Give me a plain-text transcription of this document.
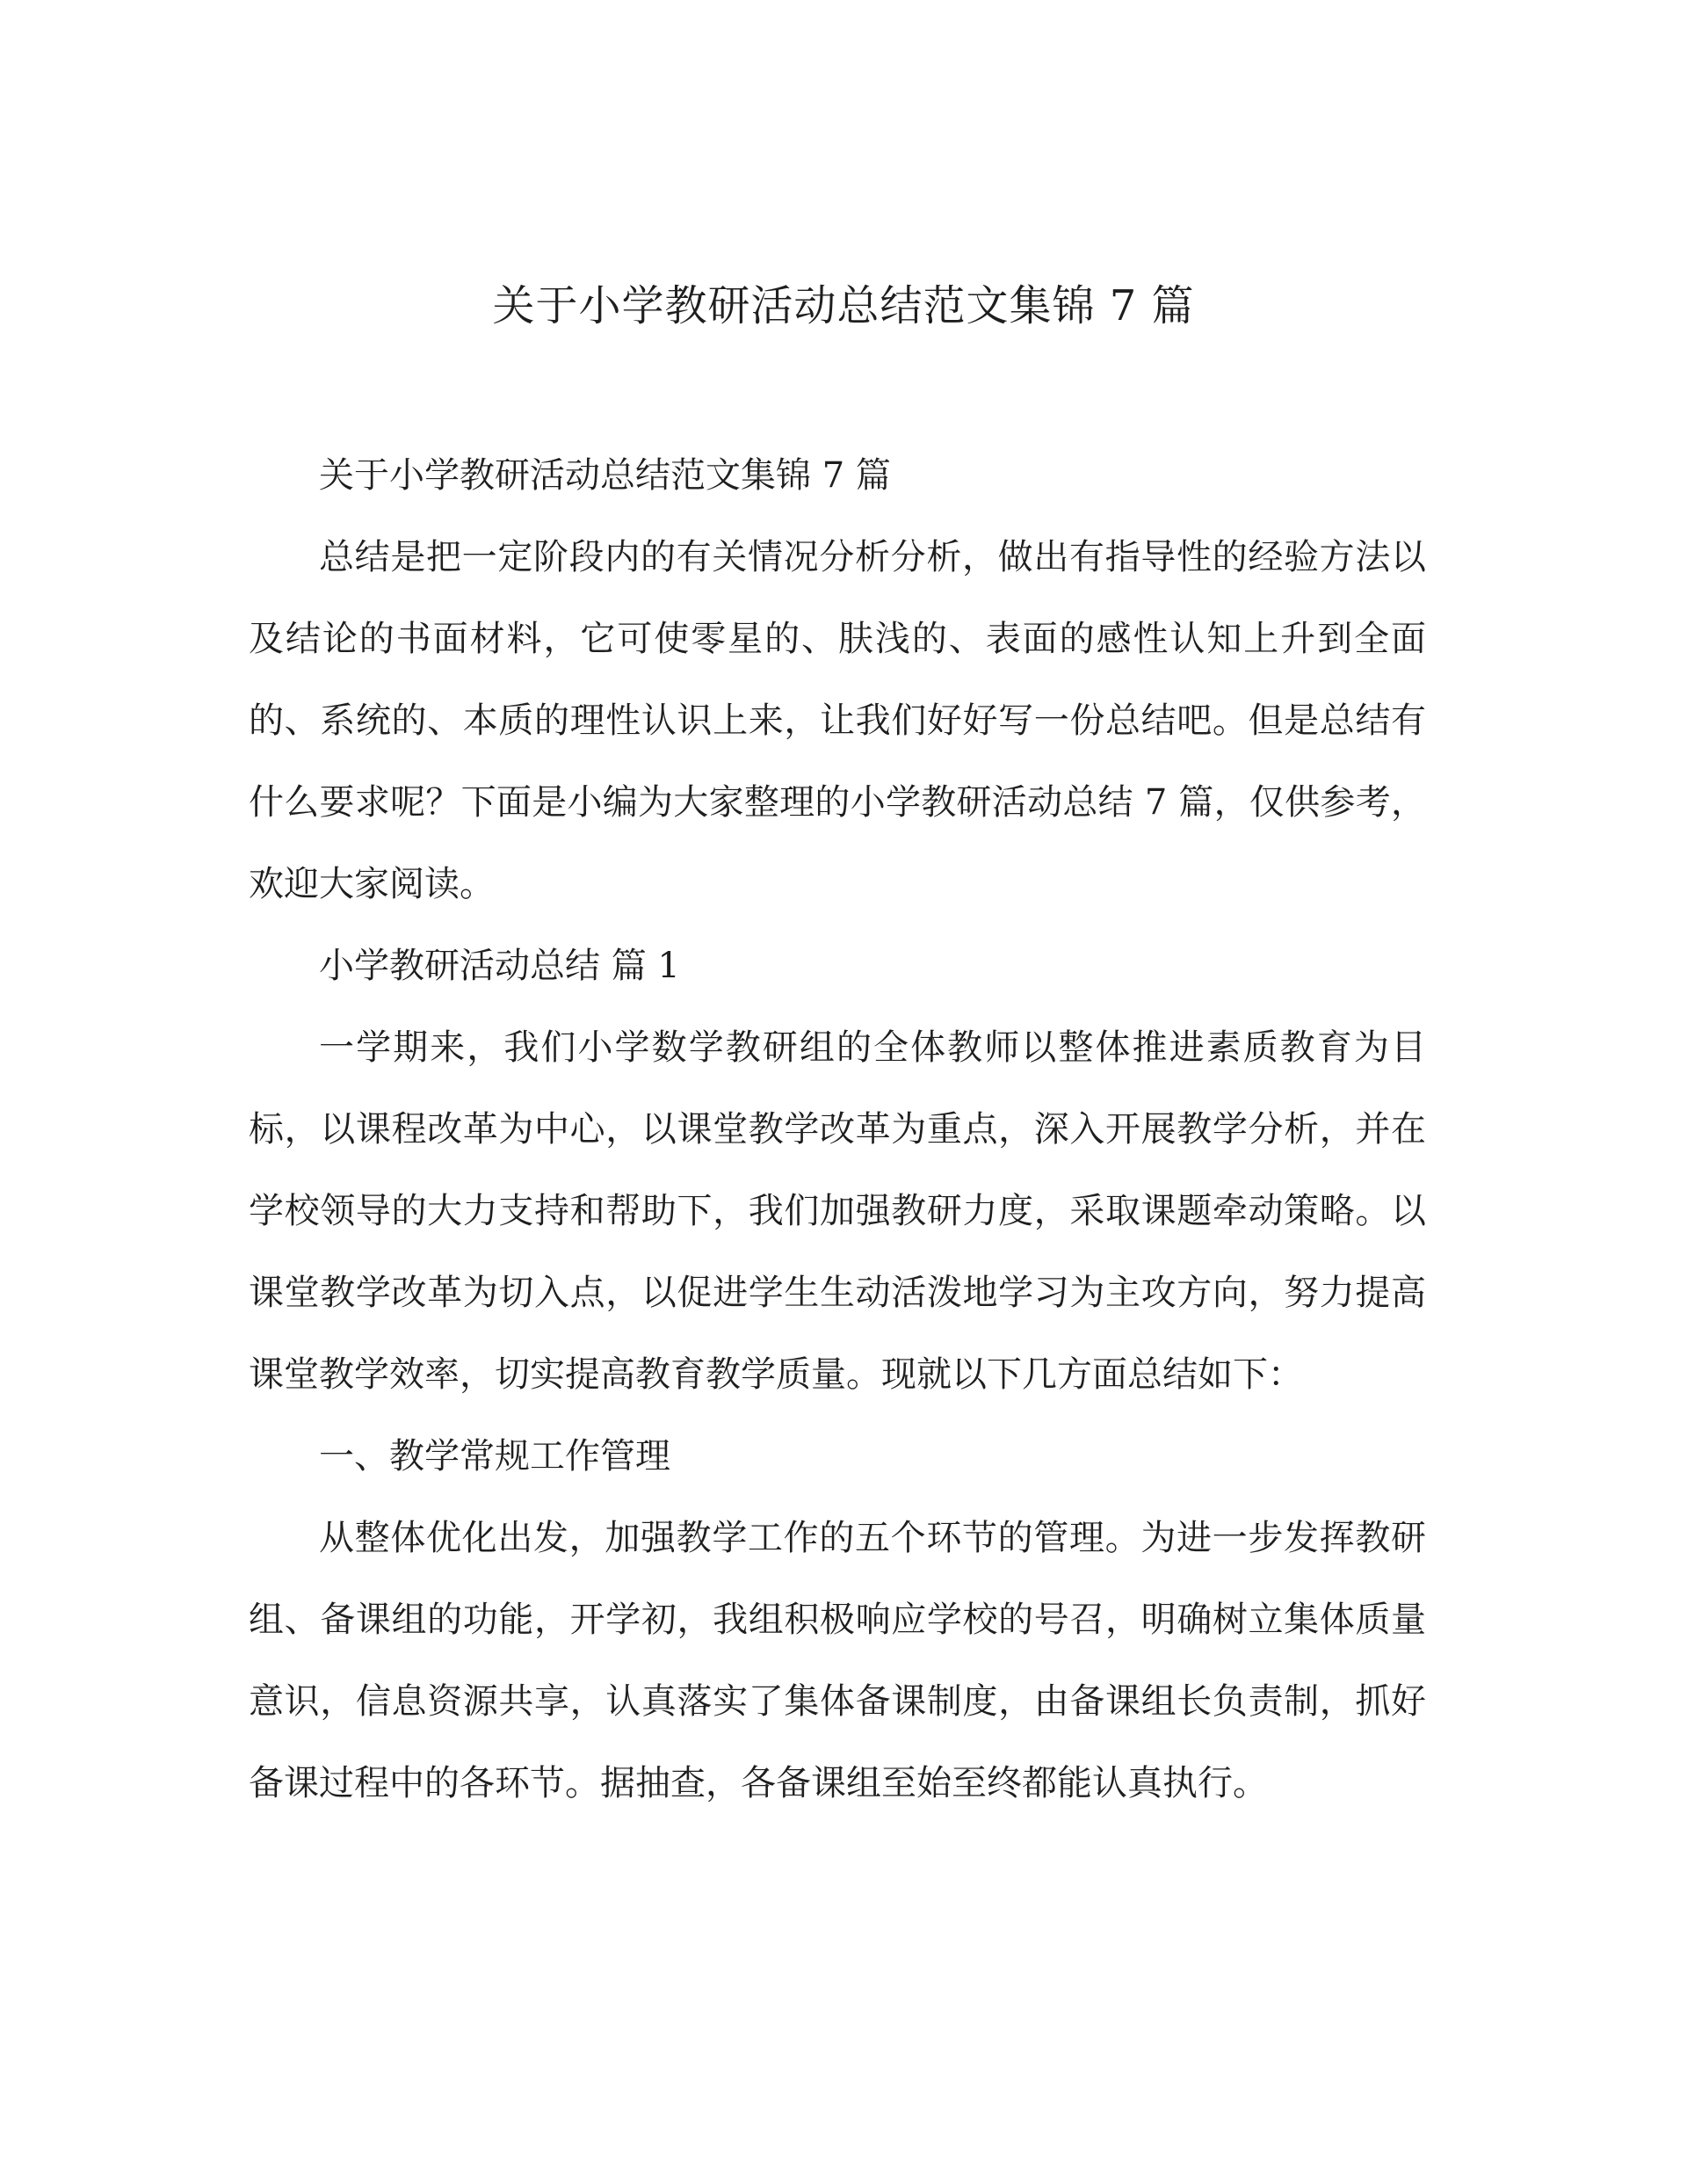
关于小学教研活动总结范文集锦 7 篇

关于小学教研活动总结范文集锦 7 篇

总结是把一定阶段内的有关情况分析分析，做出有指导性的经验方法以及结论的书面材料，它可使零星的、肤浅的、表面的感性认知上升到全面的、系统的、本质的理性认识上来，让我们好好写一份总结吧。但是总结有什么要求呢？下面是小编为大家整理的小学教研活动总结 7 篇，仅供参考，欢迎大家阅读。

小学教研活动总结 篇 1

一学期来，我们小学数学教研组的全体教师以整体推进素质教育为目标，以课程改革为中心，以课堂教学改革为重点，深入开展教学分析，并在学校领导的大力支持和帮助下，我们加强教研力度，采取课题牵动策略。以课堂教学改革为切入点，以促进学生生动活泼地学习为主攻方向，努力提高课堂教学效率，切实提高教育教学质量。现就以下几方面总结如下：

一、教学常规工作管理

从整体优化出发，加强教学工作的五个环节的管理。为进一步发挥教研组、备课组的功能，开学初，我组积极响应学校的号召，明确树立集体质量意识，信息资源共享，认真落实了集体备课制度，由备课组长负责制，抓好备课过程中的各环节。据抽查，各备课组至始至终都能认真执行。
